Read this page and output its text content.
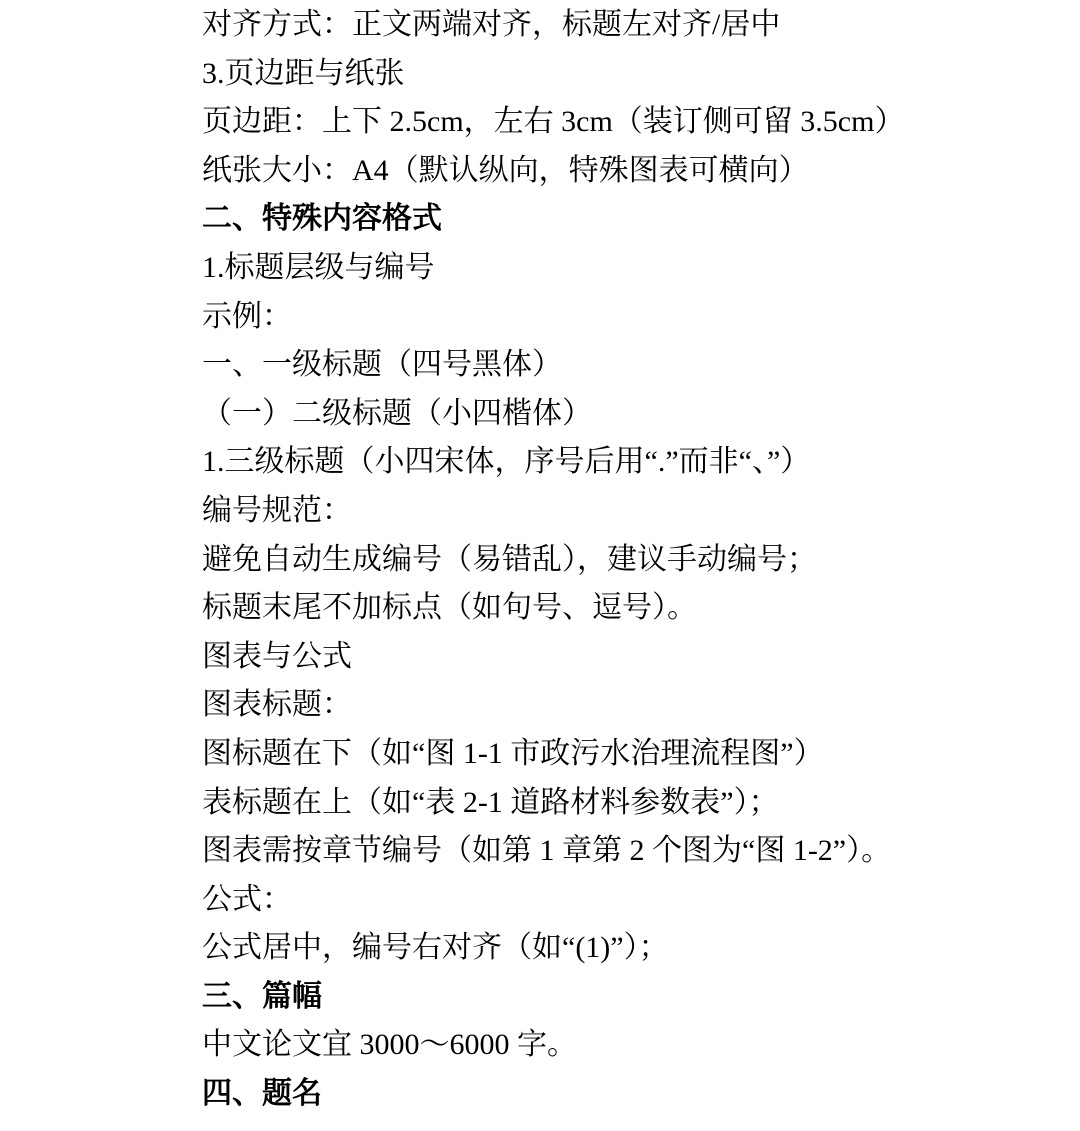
对齐方式：正文两端对齐，标题左对齐/居中

3.页边距与纸张

页边距：上下 2.5cm，左右 3cm（装订侧可留 3.5cm）

纸张大小：A4（默认纵向，特殊图表可横向）

二、特殊内容格式

1.标题层级与编号

示例：

一、一级标题（四号黑体）

（一）二级标题（小四楷体）

1.三级标题（小四宋体，序号后用“.”而非“、”）

编号规范：

避免自动生成编号（易错乱），建议手动编号；

标题末尾不加标点（如句号、逗号）。

图表与公式

图表标题：

图标题在下（如“图 1-1 市政污水治理流程图”）

表标题在上（如“表 2-1 道路材料参数表”）；

图表需按章节编号（如第 1 章第 2 个图为“图 1-2”）。

公式：

公式居中，编号右对齐（如“(1)”）；

三、篇幅

中文论文宜 3000～6000 字。

四、题名
